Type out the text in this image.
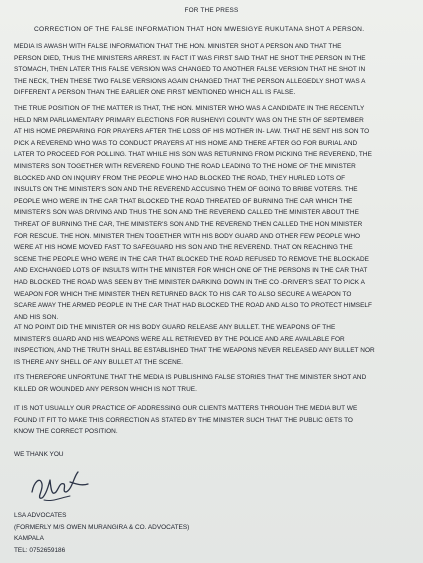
FOR THE PRESS
CORRECTION OF THE FALSE INFORMATION THAT HON MWESIGYE RUKUTANA SHOT A PERSON.
MEDIA IS AWASH WITH FALSE INFORMATION THAT THE HON. MINISTER SHOT A PERSON AND THAT THE
PERSON DIED, THUS THE MINISTERS ARREST. IN FACT IT WAS FIRST SAID THAT HE SHOT THE PERSON IN THE
STOMACH, THEN LATER THIS FALSE VERSION WAS CHANGED TO ANOTHER FALSE VERSION THAT HE SHOT IN
THE NECK, THEN THESE TWO FALSE VERSIONS AGAIN CHANGED THAT THE PERSON ALLEGEDLY SHOT WAS A
DIFFERENT A PERSON THAN THE EARLIER ONE FIRST MENTIONED WHICH ALL IS FALSE.
THE TRUE POSITION OF THE MATTER IS THAT, THE HON. MINISTER WHO WAS A CANDIDATE IN THE RECENTLY
HELD NRM PARLIAMENTARY PRIMARY ELECTIONS FOR RUSHENYI COUNTY WAS ON THE 5TH OF SEPTEMBER
AT HIS HOME PREPARING FOR PRAYERS AFTER THE LOSS OF HIS MOTHER IN- LAW. THAT HE SENT HIS SON TO
PICK A REVEREND WHO WAS TO CONDUCT PRAYERS AT HIS HOME AND THERE AFTER GO FOR BURIAL AND
LATER TO PROCEED FOR POLLING. THAT WHILE HIS SON WAS RETURNING FROM PICKING THE REVEREND, THE
MINISTERS SON TOGETHER WITH REVEREND FOUND THE ROAD LEADING TO THE HOME OF THE MINISTER
BLOCKED AND ON INQUIRY FROM THE PEOPLE WHO HAD BLOCKED THE ROAD, THEY HURLED LOTS OF
INSULTS ON THE MINISTER'S SON AND THE REVEREND ACCUSING THEM OF GOING TO BRIBE VOTERS. THE
PEOPLE WHO WERE IN THE CAR THAT BLOCKED THE ROAD THREATED OF BURNING THE CAR WHICH THE
MINISTER'S SON WAS DRIVING AND THUS THE SON AND THE REVEREND CALLED THE MINISTER ABOUT THE
THREAT OF BURNING THE CAR, THE MINISTER'S SON AND THE REVEREND THEN CALLED THE HON MINISTER
FOR RESCUE. THE HON. MINISTER THEN TOGETHER WITH HIS BODY GUARD AND OTHER FEW PEOPLE WHO
WERE AT HIS HOME MOVED FAST TO SAFEGUARD HIS SON AND THE REVEREND. THAT ON REACHING THE
SCENE THE PEOPLE WHO WERE IN THE CAR THAT BLOCKED THE ROAD REFUSED TO REMOVE THE BLOCKADE
AND EXCHANGED LOTS OF INSULTS WITH THE MINISTER FOR WHICH ONE OF THE PERSONS IN THE CAR THAT
HAD BLOCKED THE ROAD WAS SEEN BY THE MINISTER DARKING DOWN IN THE CO -DRIVER'S SEAT TO PICK A
WEAPON FOR WHICH THE MINISTER THEN RETURNED BACK TO HIS CAR TO ALSO SECURE A WEAPON TO
SCARE AWAY THE ARMED PEOPLE IN THE CAR THAT HAD BLOCKED THE ROAD AND ALSO TO PROTECT HIMSELF
AND HIS SON.
AT NO POINT DID THE MINISTER OR HIS BODY GUARD RELEASE ANY BULLET. THE WEAPONS OF THE
MINISTER'S GUARD AND HIS WEAPONS WERE ALL RETRIEVED BY THE POLICE AND ARE AVAILABLE FOR
INSPECTION, AND THE TRUTH SHALL BE ESTABLISHED THAT THE WEAPONS NEVER RELEASED ANY BULLET NOR
IS THERE ANY SHELL OF ANY BULLET AT THE SCENE.
ITS THEREFORE UNFORTUNE THAT THE MEDIA IS PUBLISHING FALSE STORIES THAT THE MINISTER SHOT AND
KILLED OR WOUNDED ANY PERSON WHICH IS NOT TRUE.
IT IS NOT USUALLY OUR PRACTICE OF ADDRESSING OUR CLIENTS MATTERS THROUGH THE MEDIA BUT WE
FOUND IT FIT TO MAKE THIS CORRECTION AS STATED BY THE MINISTER SUCH THAT THE PUBLIC GETS TO
KNOW THE CORRECT POSITION.
WE THANK YOU
LSA ADVOCATES
(FORMERLY M/S OWEN MURANGIRA & CO. ADVOCATES)
KAMPALA
TEL: 0752659186
